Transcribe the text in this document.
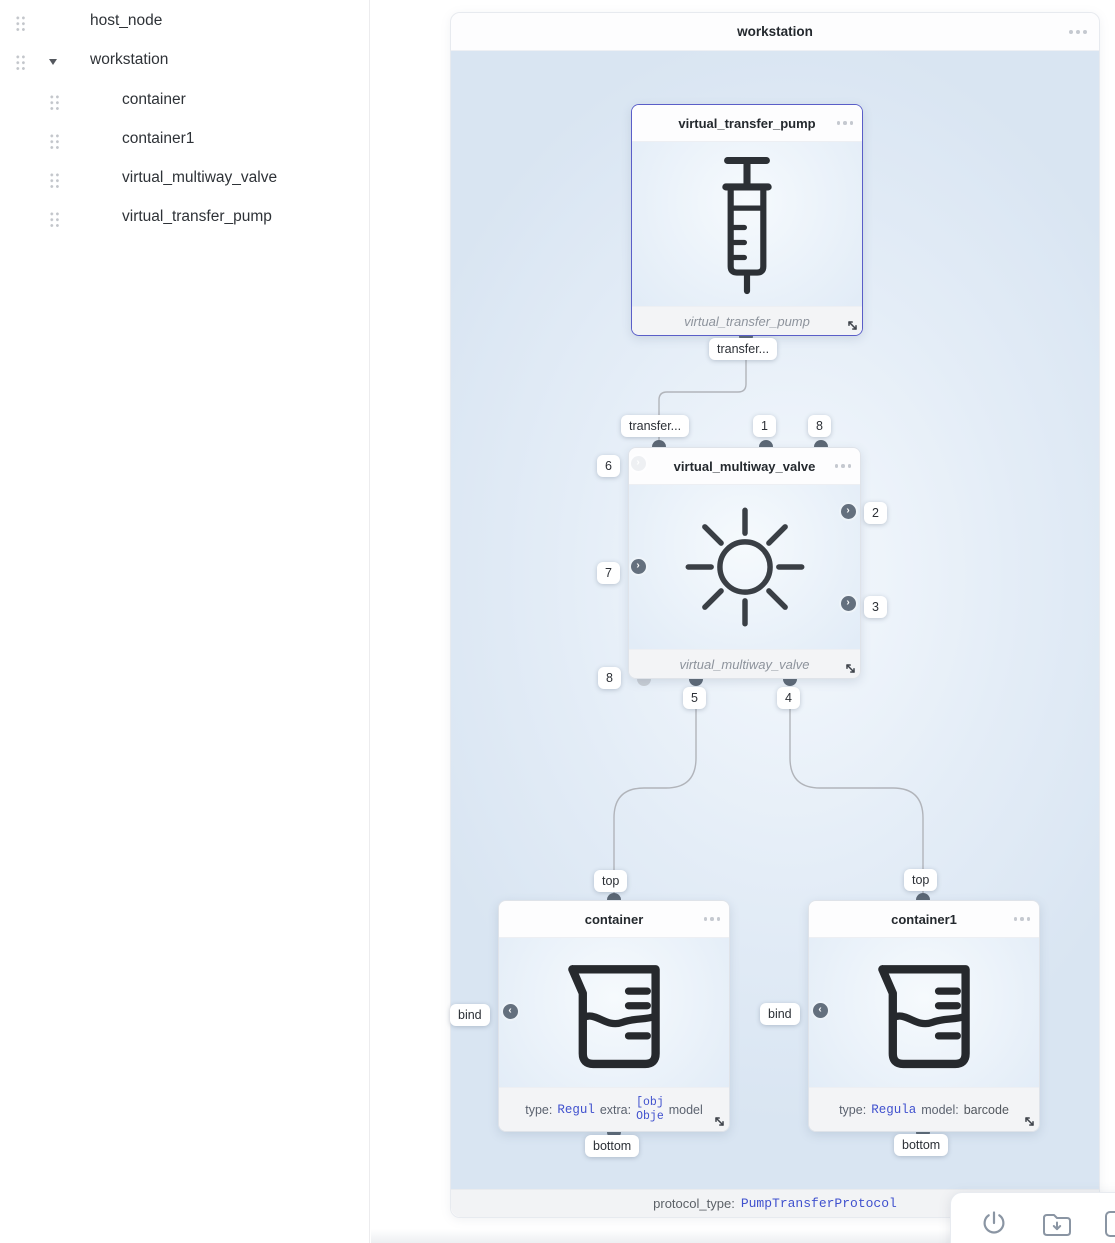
host_node
workstation
container
container1
virtual_multiway_valve
virtual_transfer_pump
workstation
virtual_transfer_pump
virtual_transfer_pump
virtual_multiway_valve
virtual_multiway_valve
›
›
›
›
container
type: Regul extra: [obj
Obje model
‹
container1
type: Regula model: barcode
‹
transfer...
transfer...	1	8
6
7
8
2
3
5	4
top
bind
bottom
top
bind
bottom
protocol_type: PumpTransferProtocol
